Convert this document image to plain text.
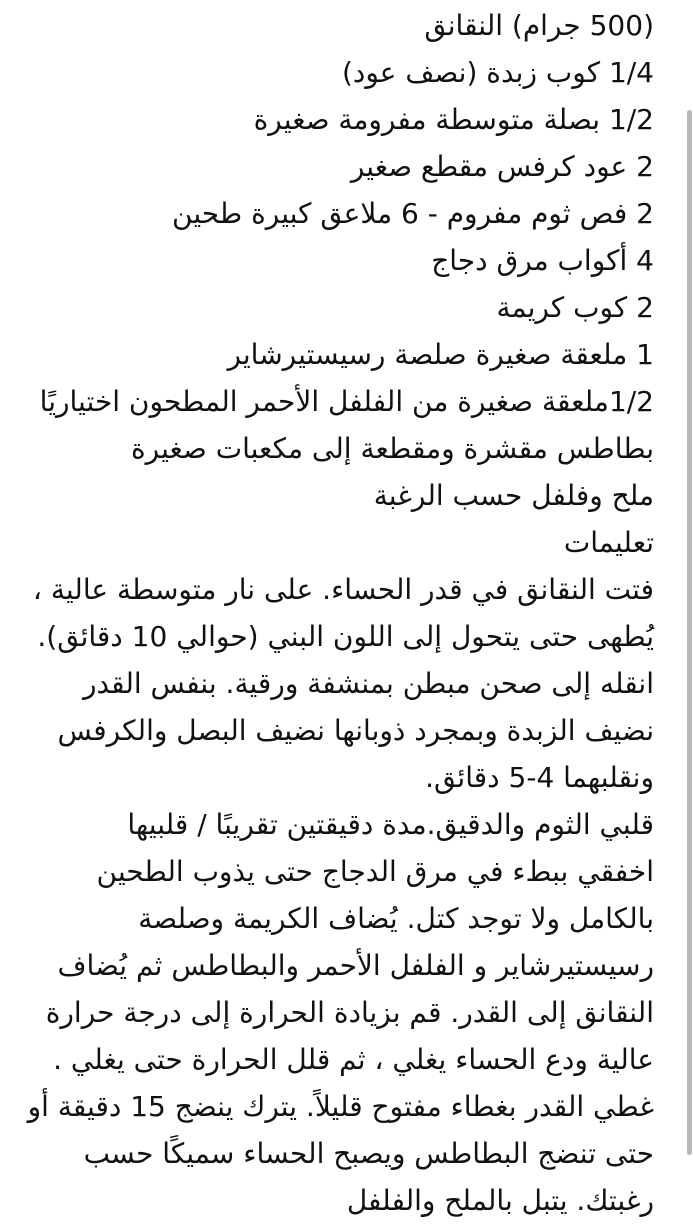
(500 جرام) النقانق
1/4 كوب زبدة (نصف عود)
1/2 بصلة متوسطة مفرومة صغيرة
2 عود كرفس مقطع صغير
2 فص ثوم مفروم - 6 ملاعق كبيرة طحين
4 أكواب مرق دجاج
2 كوب كريمة
1 ملعقة صغيرة صلصة رسيستيرشاير
1/2ملعقة صغيرة من الفلفل الأحمر المطحون اختياريًا
بطاطس مقشرة ومقطعة إلى مكعبات صغيرة
ملح وفلفل حسب الرغبة
تعليمات
فتت النقانق في قدر الحساء. على نار متوسطة عالية ،
يُطهى حتى يتحول إلى اللون البني (حوالي 10 دقائق).
انقله إلى صحن مبطن بمنشفة ورقية. بنفس القدر
نضيف الزبدة وبمجرد ذوبانها نضيف البصل والكرفس
ونقلبهما 4-5 دقائق.
قلبي الثوم والدقيق.مدة دقيقتين تقريبًا / قلبيها
اخفقي ببطء في مرق الدجاج حتى يذوب الطحين
بالكامل ولا توجد كتل. يُضاف الكريمة وصلصة
رسيستيرشاير و الفلفل الأحمر والبطاطس ثم يُضاف
النقانق إلى القدر. قم بزيادة الحرارة إلى درجة حرارة
عالية ودع الحساء يغلي ، ثم قلل الحرارة حتى يغلي .
غطي القدر بغطاء مفتوح قليلاً. يترك ينضج 15 دقيقة أو
حتى تنضج البطاطس ويصبح الحساء سميكًا حسب
رغبتك. يتبل بالملح والفلفل
